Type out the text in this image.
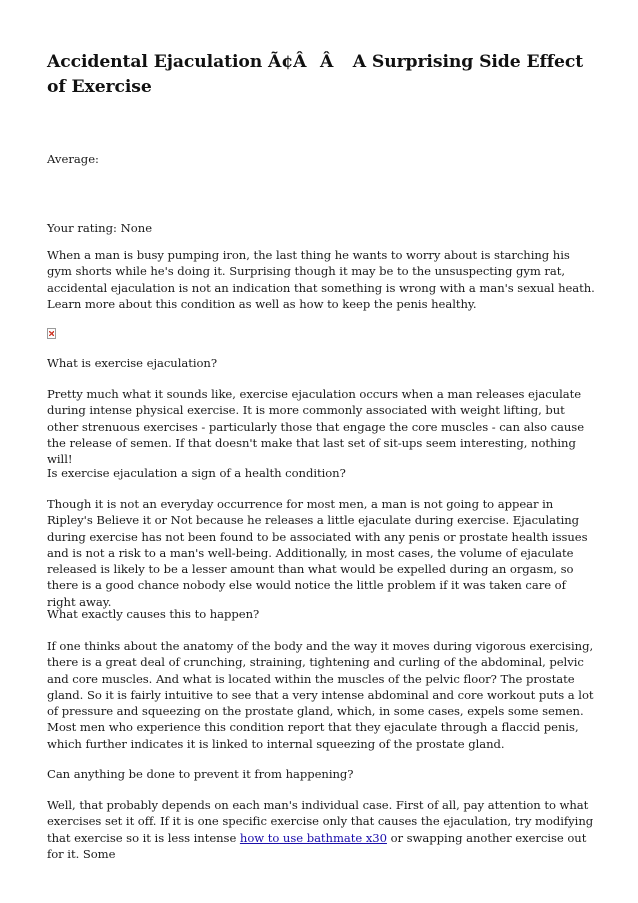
Accidental Ejaculation Ã¢ÂÂ A Surprising Side Effect of Exercise

Average:

Your rating: None

When a man is busy pumping iron, the last thing he wants to worry about is starching his gym shorts while he's doing it. Surprising though it may be to the unsuspecting gym rat, accidental ejaculation is not an indication that something is wrong with a man's sexual heath. Learn more about this condition as well as how to keep the penis healthy.

What is exercise ejaculation?

Pretty much what it sounds like, exercise ejaculation occurs when a man releases ejaculate during intense physical exercise. It is more commonly associated with weight lifting, but other strenuous exercises - particularly those that engage the core muscles - can also cause the release of semen. If that doesn't make that last set of sit-ups seem interesting, nothing will!

Is exercise ejaculation a sign of a health condition?

Though it is not an everyday occurrence for most men, a man is not going to appear in Ripley's Believe it or Not because he releases a little ejaculate during exercise. Ejaculating during exercise has not been found to be associated with any penis or prostate health issues and is not a risk to a man's well-being. Additionally, in most cases, the volume of ejaculate released is likely to be a lesser amount than what would be expelled during an orgasm, so there is a good chance nobody else would notice the little problem if it was taken care of right away.

What exactly causes this to happen?

If one thinks about the anatomy of the body and the way it moves during vigorous exercising, there is a great deal of crunching, straining, tightening and curling of the abdominal, pelvic and core muscles. And what is located within the muscles of the pelvic floor? The prostate gland. So it is fairly intuitive to see that a very intense abdominal and core workout puts a lot of pressure and squeezing on the prostate gland, which, in some cases, expels some semen. Most men who experience this condition report that they ejaculate through a flaccid penis, which further indicates it is linked to internal squeezing of the prostate gland.

Can anything be done to prevent it from happening?

Well, that probably depends on each man's individual case. First of all, pay attention to what exercises set it off. If it is one specific exercise only that causes the ejaculation, try modifying that exercise so it is less intense how to use bathmate x30 or swapping another exercise out for it. Some
